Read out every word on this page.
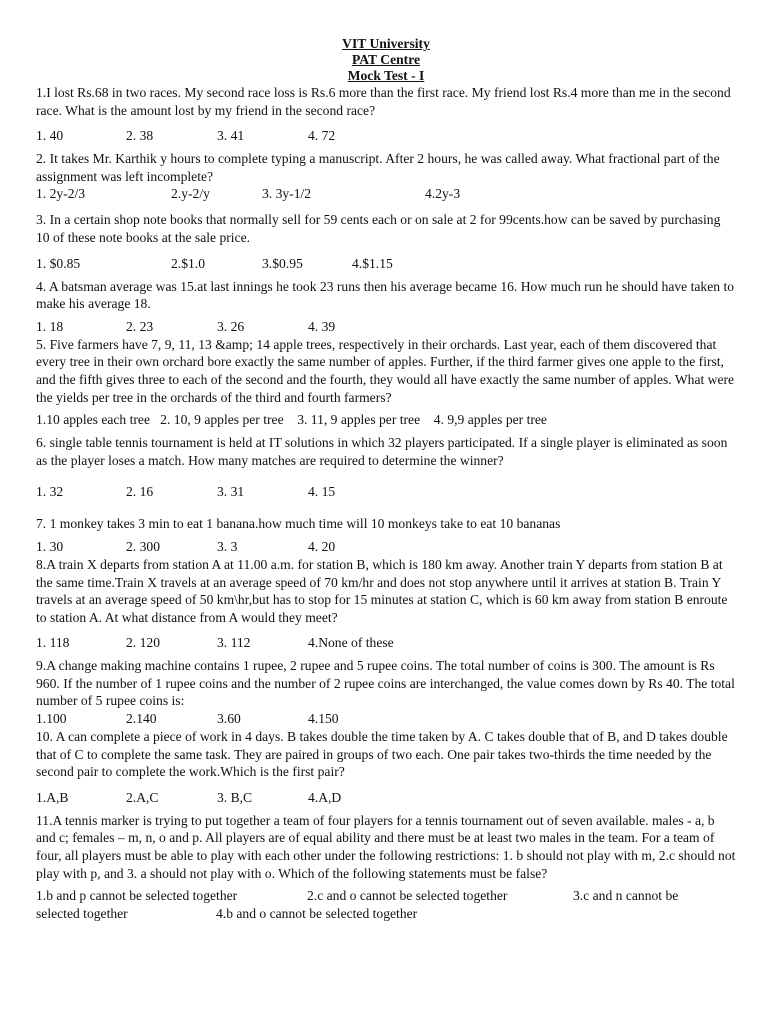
VIT University
PAT Centre
Mock Test - I

1.I lost Rs.68 in two races. My second race loss is Rs.6 more than the first race. My friend lost Rs.4 more than me in the second race. What is the amount lost by my friend in the second race?

1. 40	2. 38	3. 41	4. 72

2. It takes Mr. Karthik y hours to complete typing a manuscript. After 2 hours, he was called away. What fractional part of the assignment was left incomplete?

1. 2y-2/3	2.y-2/y	3. 3y-1/2	4.2y-3

3. In a certain shop note books that normally sell for 59 cents each or on sale at 2 for 99cents.how can be saved by purchasing 10 of these note books at the sale price.

1. $0.85	2.$1.0	3.$0.95	4.$1.15

4. A batsman average was 15.at last innings he took 23 runs then his average became 16. How much run he should have taken to make his average 18.

1. 18	2. 23	3. 26	4. 39

5. Five farmers have 7, 9, 11, 13 &amp; 14 apple trees, respectively in their orchards. Last year, each of them discovered that every tree in their own orchard bore exactly the same number of apples. Further, if the third farmer gives one apple to the first, and the fifth gives three to each of the second and the fourth, they would all have exactly the same number of apples. What were the yields per tree in the orchards of the third and fourth farmers?

1.10 apples each tree   2. 10, 9 apples per tree    3. 11, 9 apples per tree    4. 9,9 apples per tree

6. single table tennis tournament is held at IT solutions in which 32 players participated. If a single player is eliminated as soon as the player loses a match. How many matches are required to determine the winner?

1. 32	2. 16	3. 31	4. 15

7. 1 monkey takes 3 min to eat 1 banana.how much time will 10 monkeys take to eat 10 bananas

1. 30	2. 300	3. 3	4. 20

8.A train X departs from station A at 11.00 a.m. for station B, which is 180 km away. Another train Y departs from station B at the same time.Train X travels at an average speed of 70 km/hr and does not stop anywhere until it arrives at station B. Train Y travels at an average speed of 50 km\hr,but has to stop for 15 minutes at station C, which is 60 km away from station B enroute to station A. At what distance from A would they meet?

1. 118	2. 120	3. 112	4.None of these

9.A change making machine contains 1 rupee, 2 rupee and 5 rupee coins. The total number of coins is 300. The amount is Rs 960. If the number of 1 rupee coins and the number of 2 rupee coins are interchanged, the value comes down by Rs 40. The total number of 5 rupee coins is:

1.100	2.140	3.60	4.150

10. A can complete a piece of work in 4 days. B takes double the time taken by A. C takes double that of B, and D takes double that of C to complete the same task. They are paired in groups of two each. One pair takes two-thirds the time needed by the second pair to complete the work.Which is the first pair?

1.A,B	2.A,C	3. B,C	4.A,D

11.A tennis marker is trying to put together a team of four players for a tennis tournament out of seven available. males - a, b and c; females – m, n, o and p. All players are of equal ability and there must be at least two males in the team. For a team of four, all players must be able to play with each other under the following restrictions: 1. b should not play with m, 2.c should not play with p, and 3. a should not play with o. Which of the following statements must be false?

1.b and p cannot be selected together	2.c and o cannot be selected together	3.c and n cannot be
selected together	4.b and o cannot be selected together
